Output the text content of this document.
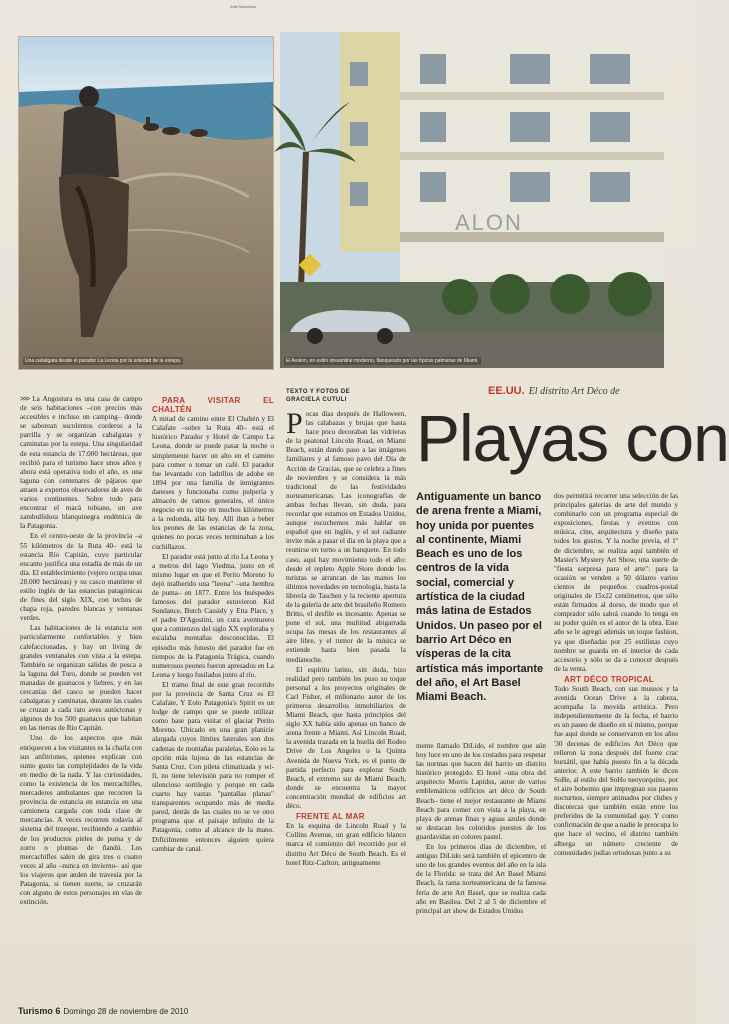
Ariel Marchisio
Una cabalgata desde el parador La Leona por la soledad de la estepa.
ALON
El Avalon, en estilo streamline moderno, flanqueado por las típicas palmeras de Miami.

>>> La Angostura es una casa de campo de seis habitaciones –con precios más accesibles e incluso un camping– donde se saborean suculentos corderos a la parrilla y se organizan cabalgatas y caminatas por la estepa. Una singularidad de esta estancia de 17.000 hectáreas, que recibió para el turismo hace unos años y ahora está operativa todo el año, es una laguna con centenares de pájaros que atraen a expertos observadores de aves de varios continentes. Sobre todo para encontrar el macá tobiano, un ave zambullidora blanquinegra endémica de la Patagonia.

En el centro-oeste de la provincia –a 55 kilómetros de la Ruta 40– está la estancia Río Capitán, cuyo particular encanto justifica una estadía de más de un día. El establecimiento (vejero ocupa unas 28.000 hectáreas) y su casco mantiene el estilo inglés de las estancias patagónicas de fines del siglo XIX, con techos de chapa roja, paredes blancas y ventanas verdes.

Las habitaciones de la estancia son particularmente confortables y bien calefaccionadas, y hay un living de grandes ventanales con vista a la estepa. También se organizan salidas de pesca a la laguna del Toro, donde se pueden ver manadas de guanacos y liebres, y en las cercanías del casco se pueden hacer cabalgatas y caminatas, durante las cuales se cruzan a cada rato aves autóctonas y algunos de los 500 guanacos que habitan en las tierras de Río Capitán.

Uno de los aspectos que más enriquecen a los visitantes es la charla con sus anfitriones, quienes explican con sumo gusto las complejidades de la vida en medio de la nada. Y las curiosidades, como la existencia de los mercachifles, mercaderes ambulantes que recorren la provincia de estancia en estancia en una camioneta cargada con toda clase de mercancías. A veces recurren todavía al sistema del trueque, recibiendo a cambio de los productos pieles de puma y de zorro o plumas de ñandú. Los mercachifles salen de gira tres o cuatro veces al año –nunca en invierno– así que los viajeros que anden de travesía por la Patagonia, si tienen suerte, se cruzarán con alguno de estos personajes en vías de extinción.

PARA VISITAR EL CHALTÉN

A mitad de camino entre El Chaltén y El Calafate –sobre la Ruta 40– está el histórico Parador y Hotel de Campo La Leona, donde se puede pasar la noche o simplemente hacer un alto en el camino para comer o tomar un café. El parador fue levantado con ladrillos de adobe en 1894 por una familia de inmigrantes daneses y funcionaba como pulpería y almacén de ramos generales, el único negocio en su tipo en muchos kilómetros a la redonda, allá hoy. Allí iban a beber los peones de las estancias de la zona, quienes no pocas veces terminaban a los cuchillazos.

El parador está junto al río La Leona y a metros del lago Viedma, justo en el mismo lugar en que el Perito Moreno lo dejó malherido una "leona" –una hembra de puma– en 1877. Entre los huéspedes famosos del parador estuvieron Kid Sundance, Butch Cassidy y Etta Place, y el padre D'Agostini, un cura aventurero que a comienzos del siglo XX exploraba y escalaba montañas desconocidas. El episodio más funesto del parador fue en tiempos de la Patagonia Trágica, cuando numerosos peones fueron apresados en La Leona y luego fusilados junto al río.

El tramo final de este gran recorrido por la provincia de Santa Cruz es El Calafate, Y Eolo Patagonia's Spirit es un lodge de campo que se puede utilizar como base para visitar el glaciar Perito Moreno. Ubicado en una gran planicie alargada cuyos límites laterales son dos cadenas de montañas paralelas, Eolo es la opción más lujosa de las estancias de Santa Cruz. Con pileta climatizada y wi-fi, no tiene televisión para no romper el silencioso sortilegio y porque en cada cuarto hay vastas "pantallas planas" transparentes ocupando más de media pared, detrás de las cuales no se ve otro programa que el paisaje infinito de la Patagonia, como al alcance de la mano. Difícilmente entonces alguien quiera cambiar de canal.

TEXTO Y FOTOS DE
GRACIELA CUTULI

Pocas días después de Halloween, las calabazas y brujas que hasta hace poco decoraban las vidrieras de la peatonal Lincoln Road, en Miami Beach, están dando paso a las imágenes familiares y al famoso pavo del Día de Acción de Gracias, que se celebra a fines de noviembre y se considera la más tradicional de las festividades norteamericanas. Las iconografías de ambas fechas llevan, sin duda, para recordar que estamos en Estados Unidos, aunque escuchemos más hablar en español que en inglés, y el sol radiante invite más a pasar el día en la playa que a reunirse en torno a un banquete. En todo caso, aquí hay movimiento todo el año: desde el repleto Apple Store donde los turistas se arrancan de las manos los últimos novedades en tecnología, hasta la librería de Taschen y la reciente apertura de la galería de arte del brasileño Romero Britto, el desfile es incesante. Apenas se pone el sol, una multitud abigarrada ocupa las mesas de los restaurantes al aire libre, y el rumor de la música se extiende hasta bien pasada la medianoche.

El espíritu latino, sin duda, hizo realidad pero también les puso su toque personal a los proyectos originales de Carl Fisher, el millonario autor de los primeros desarrollos inmobiliarios de Miami Beach, que hasta principios del siglo XX había sido apenas un banco de arena frente a Miami. Así Lincoln Road, la avenida trazada en la huella del Rodeo Drive de Los Angeles o la Quinta Avenida de Nueva York, es el punto de partida perfecto para explorar South Beach, el extremo sur de Miami Beach, donde se encuentra la mayor concentración mundial de edificios art déco.

FRENTE AL MAR

En la esquina de Lincoln Road y la Collins Avenue, un gran edificio blanco marca el comienzo del recorrido por el distrito Art Déco de South Beach. Es el hotel Ritz-Carlton, antiguamente

EE.UU. El distrito Art Déco de
Playas con
Antiguamente un banco de arena frente a Miami, hoy unida por puentes al continente, Miami Beach es uno de los centros de la vida social, comercial y artística de la ciudad más latina de Estados Unidos. Un paseo por el barrio Art Déco en vísperas de la cita artística más importante del año, el Art Basel Miami Beach.

mente llamado DiLido, el nombre que aún hoy luce en uno de los costados para respetar las normas que hacen del barrio un distrito histórico protegido. El hotel –una obra del arquitecto Morris Lapidus, autor de varios emblemáticos edificios art déco de South Beach– tiene el mejor restaurante de Miami Beach para comer con vista a la playa, en playa de arenas finas y aguas azules donde se destacan los coloridos puestos de los guardavidas en colores pastel.

En los primeros días de diciembre, el antiguo DiLido será también el epicentro de uno de los grandes eventos del año en la isla de la Florida: se trata del Art Basel Miami Beach, la rama norteamericana de la famosa feria de arte Art Basel, que se realiza cada año en Basilea. Del 2 al 5 de diciembre el principal art show de Estados Unidos

dos permitirá recorrer una selección de las principales galerías de arte del mundo y combinarlo con un programa especial de exposiciones, fiestas y eventos con música, cine, arquitectura y diseño para todos los gustos. Y la noche previa, el 1º de diciembre, se realiza aquí también el Master's Mystery Art Show, una suerte de "fiesta sorpresa para el arte": para la ocasión se venden a 50 dólares varios cientos de pequeños cuadros-postal originales de 15x22 centímetros, que sólo están firmados al dorso, de modo que el comprador sólo sabrá cuando lo tenga en su poder quién es el autor de la obra. Este año se le agregó además un toque fashion, ya que diseñadas por 25 estilistas cuyo nombre se guarda en el interior de cada accesorio y sólo se da a conocer después de la venta.

ART DÉCO TROPICAL

Todo South Beach, con sus museos y la avenida Ocean Drive a la cabeza, acompaña la movida artística. Pero independientemente de la fecha, el barrio es un paseo de diseño en sí mismo, porque fue aquí donde se conservaron en los años '30 decenas de edificios Art Déco que relleron la zona después del fuerte crac bursátil, que había puesto fin a la década anterior. A este barrio también le dicen SoBe, al estilo del SoHo neoyorquino, por el aire bohemio que impregnan sus paseos nocturnos, siempre animados por clubes y discotecas que también están entre los preferidos de la comunidad gay. Y como confirmación de que a nadie le preocupa lo que hace el vecino, el distrito también alberga un número creciente de comunidades judías ortodoxas junto a su

Turismo 6 Domingo 28 de noviembre de 2010
